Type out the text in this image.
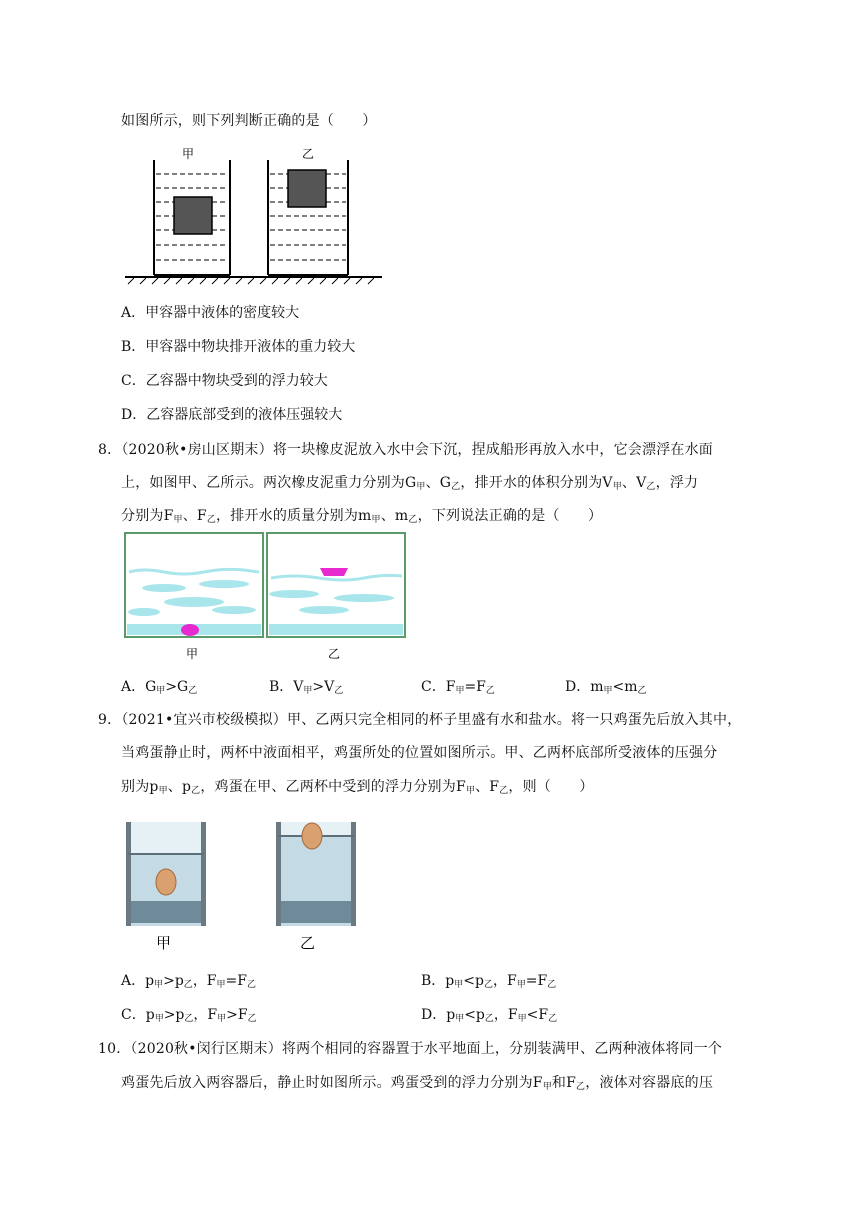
如图所示，则下列判断正确的是（　　）
甲	乙
A．甲容器中液体的密度较大
B．甲容器中物块排开液体的重力较大
C．乙容器中物块受到的浮力较大
D．乙容器底部受到的液体压强较大
8．（2020秋•房山区期末）将一块橡皮泥放入水中会下沉，捏成船形再放入水中，它会漂浮在水面
上，如图甲、乙所示。两次橡皮泥重力分别为G甲、G乙，排开水的体积分别为V甲、V乙，浮力
分别为F甲、F乙，排开水的质量分别为m甲、m乙，下列说法正确的是（　　）
甲	乙
A．G甲>G乙	B．V甲>V乙	C．F甲=F乙	D．m甲<m乙
9．（2021•宜兴市校级模拟）甲、乙两只完全相同的杯子里盛有水和盐水。将一只鸡蛋先后放入其中，
当鸡蛋静止时，两杯中液面相平，鸡蛋所处的位置如图所示。甲、乙两杯底部所受液体的压强分
别为p甲、p乙，鸡蛋在甲、乙两杯中受到的浮力分别为F甲、F乙，则（　　）
甲	乙
A．p甲>p乙，F甲=F乙	B．p甲<p乙，F甲=F乙
C．p甲>p乙，F甲>F乙	D．p甲<p乙，F甲<F乙
10．（2020秋•闵行区期末）将两个相同的容器置于水平地面上，分别装满甲、乙两种液体将同一个
鸡蛋先后放入两容器后，静止时如图所示。鸡蛋受到的浮力分别为F甲和F乙，液体对容器底的压
